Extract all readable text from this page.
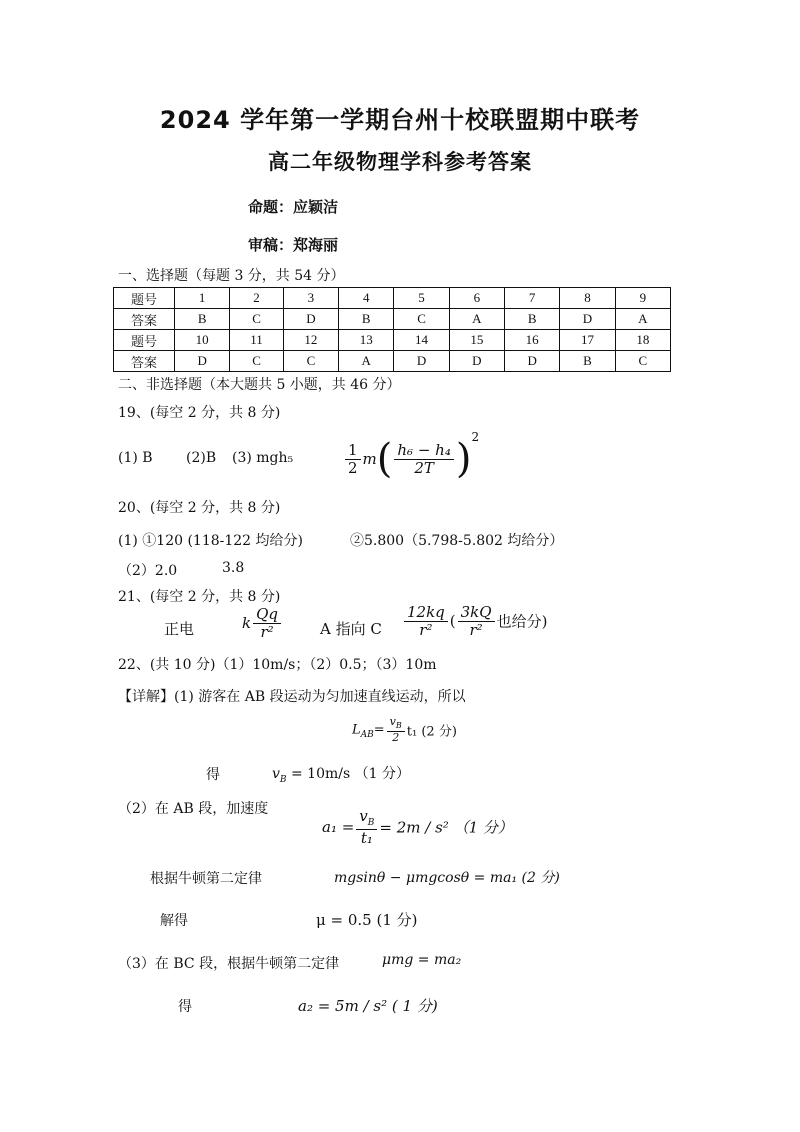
2024 学年第一学期台州十校联盟期中联考
高二年级物理学科参考答案
命题：应颖洁
审稿：郑海丽
一、选择题（每题 3 分，共 54 分）
题号	1	2	3	4	5	6	7	8	9
答案	B	C	D	B	C	A	B	D	A
题号	10	11	12	13	14	15	16	17	18
答案	D	C	C	A	D	D	D	B	C
二、非选择题（本大题共 5 小题，共 46 分）
19、(每空 2 分，共 8 分)
(1) B (2)B (3) mgh₅	$\frac{1}{2} m( \frac{\text{h₆ − h₄}}{2T} )^2$
20、(每空 2 分，共 8 分)
(1) ①120 (118-122 均给分)	②5.800（5.798-5.802 均给分）
（2）2.0	3.8
21、(每空 2 分，共 8 分)
正电	k $\frac{Qq}{\text{r²}}$	A 指向 C $\frac{12kq}{\text{r²}}$ ( $\frac{3kQ}{\text{r²}}$ 也给分)
22、(共 10 分)（1）10m/s；（2）0.5；（3）10m
【详解】(1) 游客在 AB 段运动为匀加速直线运动，所以
$L_{AB}= \frac{v_B}{2} t_1$ (2 分)
得	$v_B = 10m/s$ （1 分）
（2）在 AB 段，加速度
$a_1 = \frac{v_B}{\text{t₁}} = 2m / s^2$ （1 分）
根据牛顿第二定律	mgsinθ − μmgcosθ = ma₁ (2 分)
解得	μ = 0.5 (1 分)
（3）在 BC 段，根据牛顿第二定律	μmg = ma₂
得	a₂ = 5m / s² ( 1 分)
